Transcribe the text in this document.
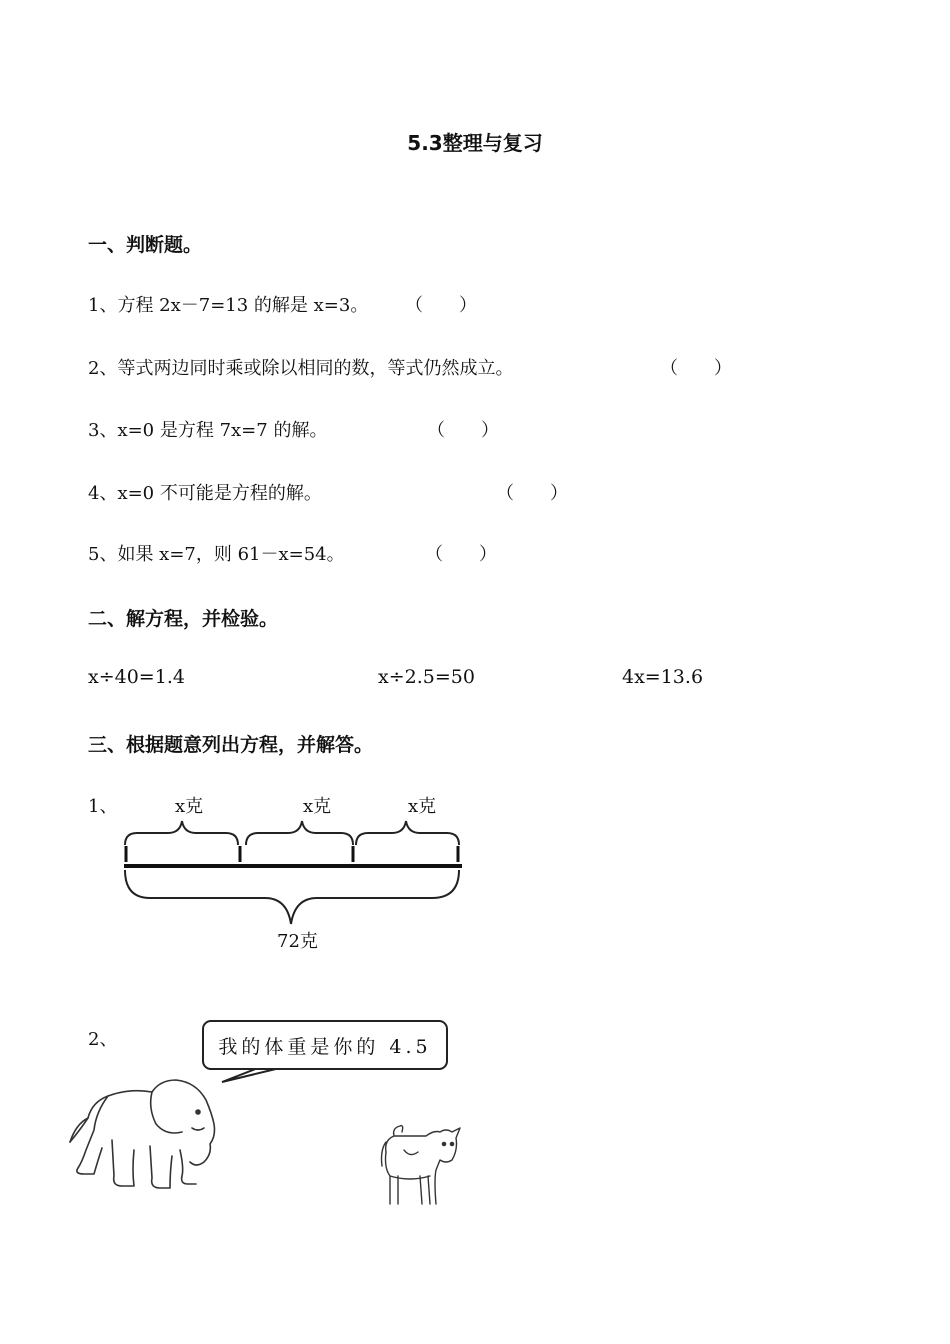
5.3整理与复习
一、判断题。
1、方程 2x－7=13 的解是 x=3。 （　　）
2、等式两边同时乘或除以相同的数，等式仍然成立。	（　　）
3、x=0 是方程 7x=7 的解。	（　　）
4、x=0 不可能是方程的解。	（　　）
5、如果 x=7，则 61－x=54。	（　　）
二、解方程，并检验。
x÷40=1.4	x÷2.5=50	4x=13.6
三、根据题意列出方程，并解答。
1、	x克	x克	x克
72克
2、	我的体重是你的 4.5
